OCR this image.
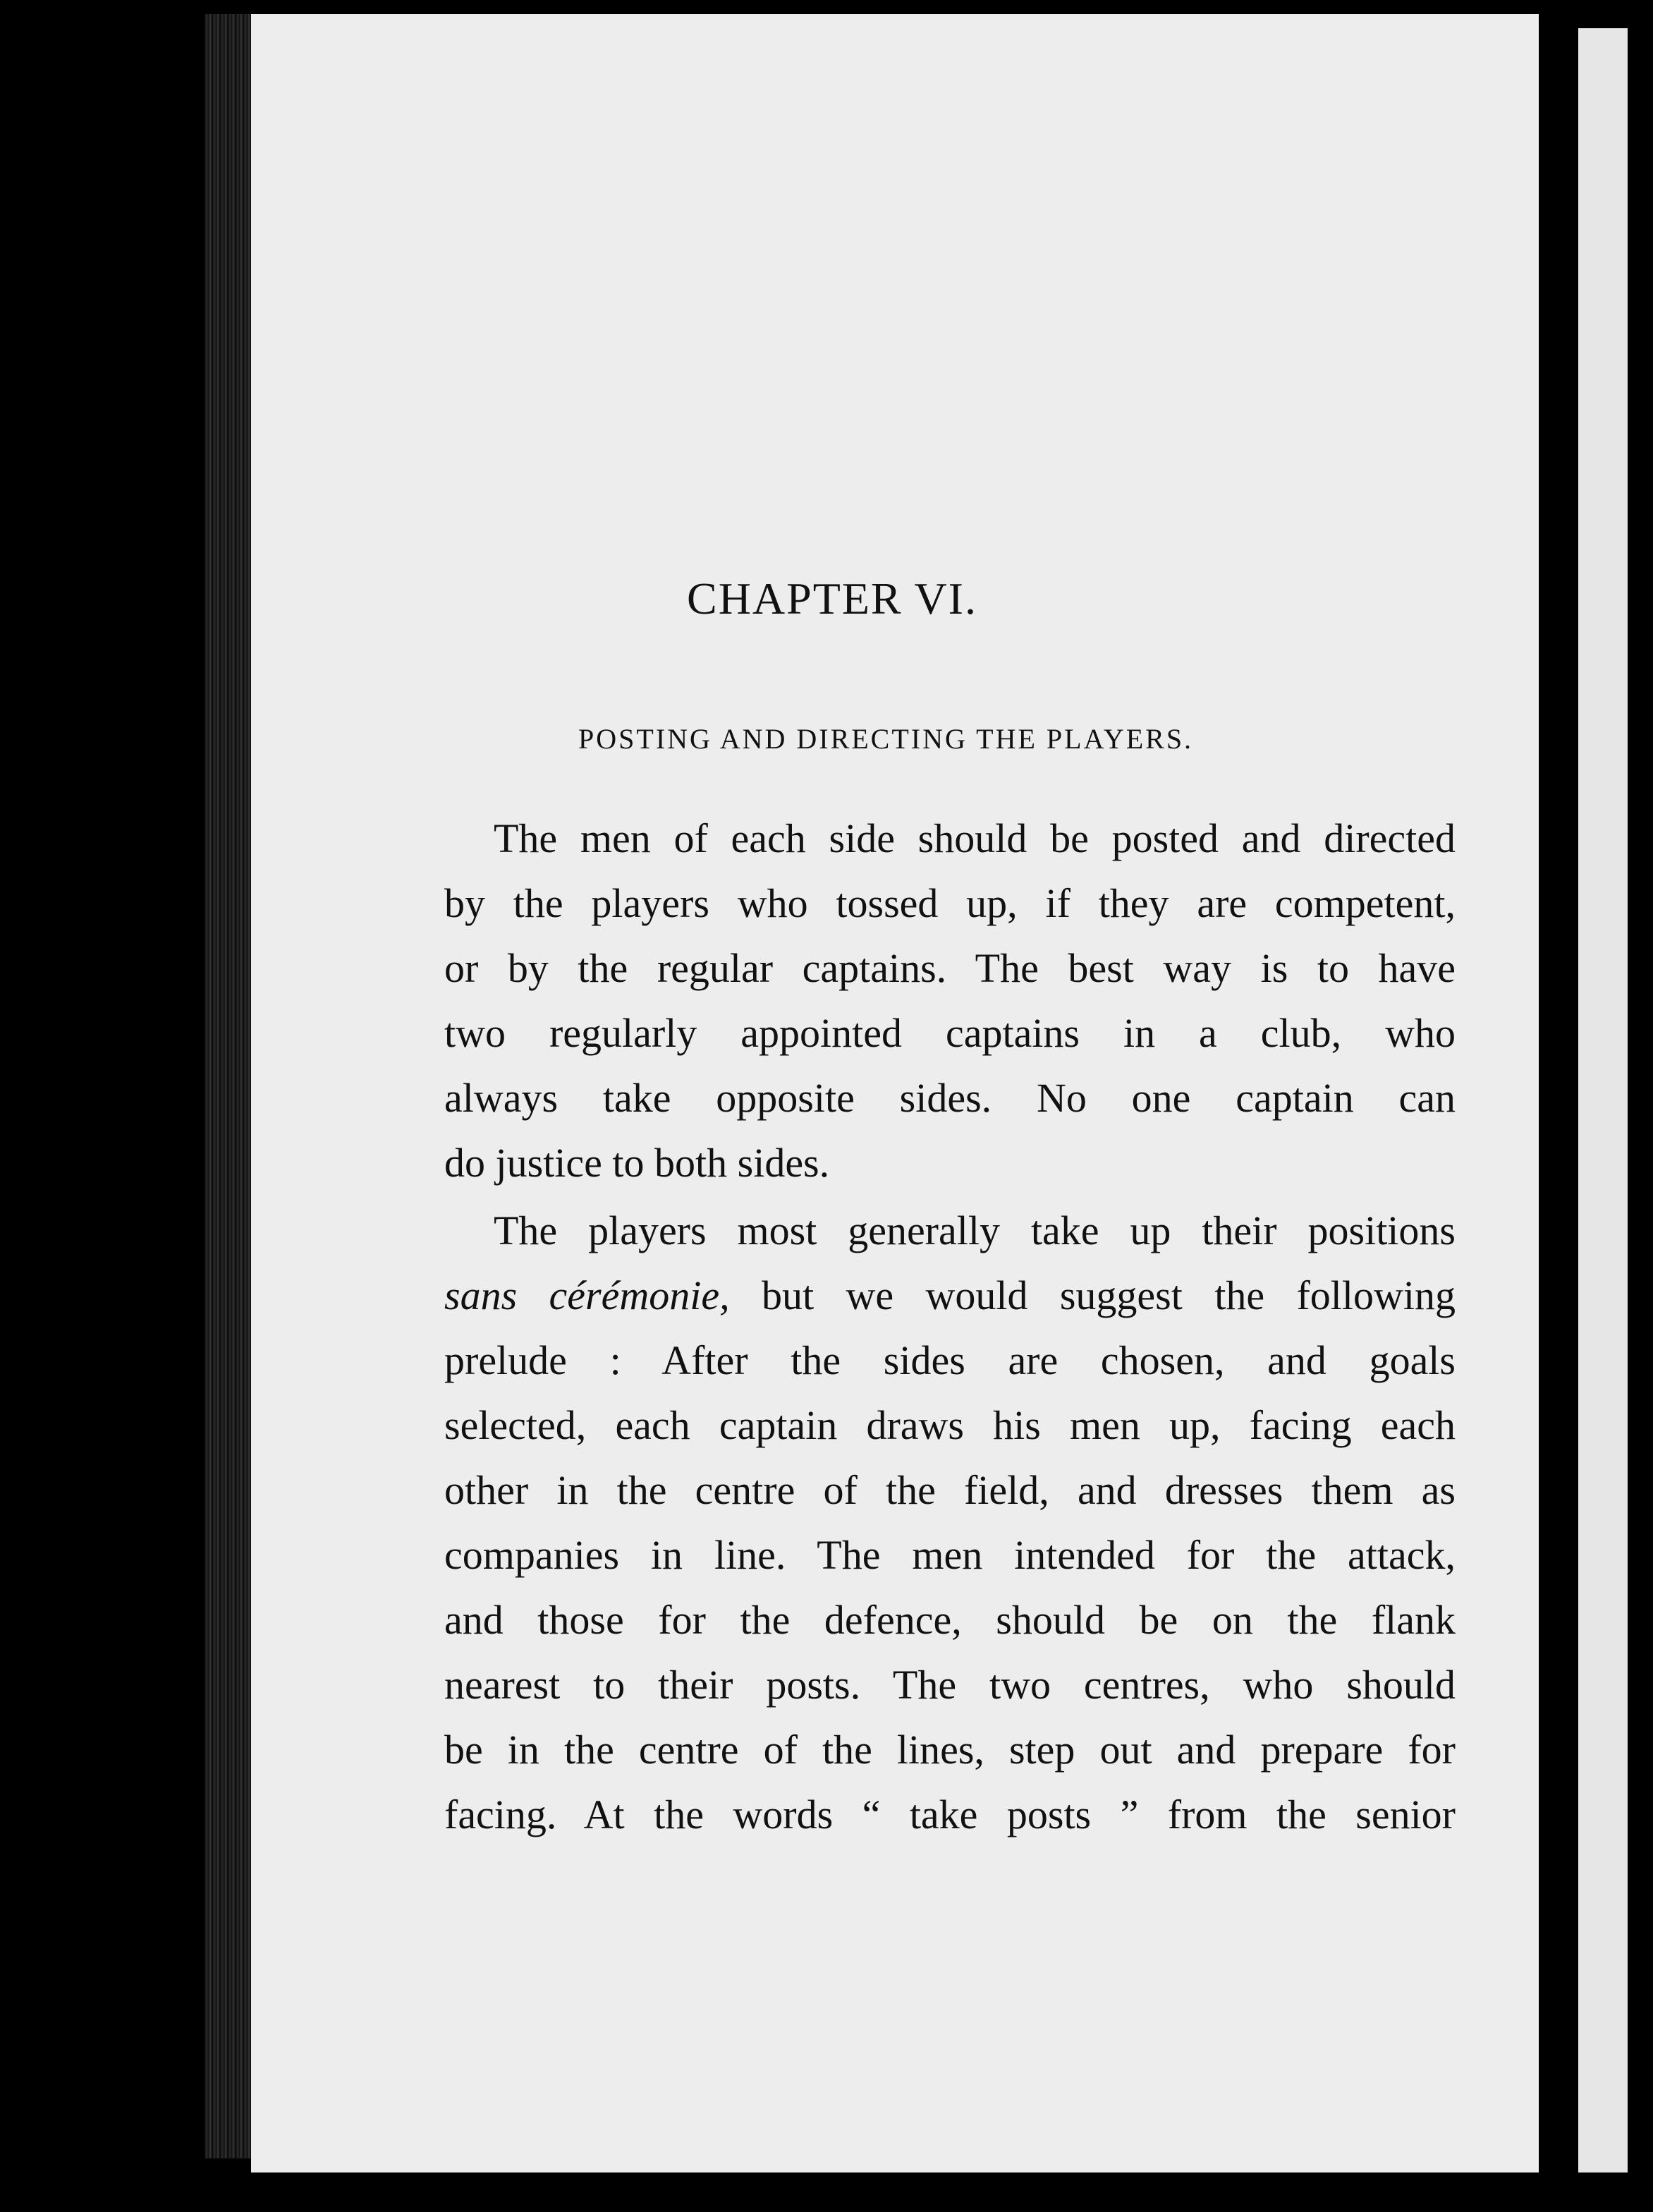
CHAPTER VI.
POSTING AND DIRECTING THE PLAYERS.
The men of each side should be posted and directed
by the players who tossed up, if they are competent,
or by the regular captains. The best way is to have
two regularly appointed captains in a club, who
always take opposite sides. No one captain can
do justice to both sides.
The players most generally take up their positions
sans cérémonie, but we would suggest the following
prelude : After the sides are chosen, and goals
selected, each captain draws his men up, facing each
other in the centre of the field, and dresses them as
companies in line. The men intended for the attack,
and those for the defence, should be on the flank
nearest to their posts. The two centres, who should
be in the centre of the lines, step out and prepare for
facing. At the words “ take posts ” from the senior
